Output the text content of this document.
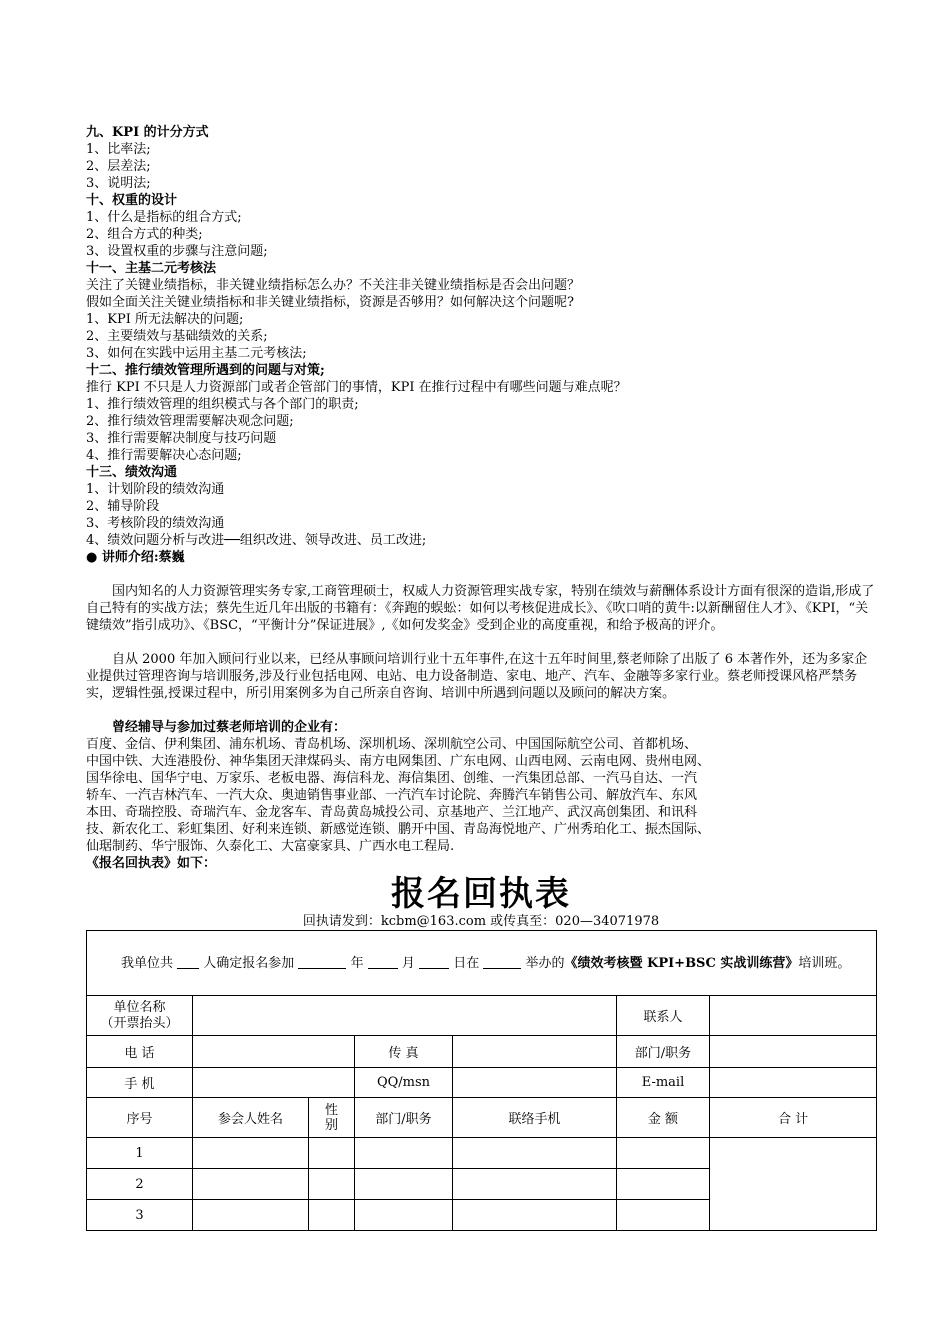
九、KPI 的计分方式
1、比率法;
2、层差法;
3、说明法;
十、权重的设计
1、什么是指标的组合方式;
2、组合方式的种类;
3、设置权重的步骤与注意问题;
十一、主基二元考核法
关注了关键业绩指标，非关键业绩指标怎么办？不关注非关键业绩指标是否会出问题？
假如全面关注关键业绩指标和非关键业绩指标，资源是否够用？如何解决这个问题呢?
1、KPI 所无法解决的问题;
2、主要绩效与基础绩效的关系;
3、如何在实践中运用主基二元考核法;
十二、推行绩效管理所遇到的问题与对策;
推行 KPI 不只是人力资源部门或者企管部门的事情，KPI 在推行过程中有哪些问题与难点呢？
1、推行绩效管理的组织模式与各个部门的职责;
2、推行绩效管理需要解决观念问题;
3、推行需要解决制度与技巧问题
4、推行需要解决心态问题;
十三、绩效沟通
1、计划阶段的绩效沟通
2、辅导阶段
3、考核阶段的绩效沟通
4、绩效问题分析与改进──组织改进、领导改进、员工改进;
● 讲师介绍:蔡巍

国内知名的人力资源管理实务专家,工商管理硕士，权威人力资源管理实战专家，特别在绩效与薪酬体系设计方面有很深的造诣,形成了自己特有的实战方法；蔡先生近几年出版的书籍有：《奔跑的蜈蚣：如何以考核促进成长》、《吹口哨的黄牛:以新酬留住人才》、《KPI，“关键绩效”指引成功》、《BSC，“平衡计分”保证进展》,《如何发奖金》受到企业的高度重视，和给予极高的评介。

自从 2000 年加入顾问行业以来，已经从事顾问培训行业十五年事件,在这十五年时间里,蔡老师除了出版了 6 本著作外，还为多家企业提供过管理咨询与培训服务,涉及行业包括电网、电站、电力设备制造、家电、地产、汽车、金融等多家行业。蔡老师授课风格严禁务实，逻辑性强,授课过程中，所引用案例多为自己所亲自咨询、培训中所遇到问题以及顾问的解决方案。

曾经辅导与参加过蔡老师培训的企业有：
百度、金信、伊利集团、浦东机场、青岛机场、深圳机场、深圳航空公司、中国国际航空公司、首都机场、
中国中铁、大连港股份、神华集团天津煤码头、南方电网集团、广东电网、山西电网、云南电网、贵州电网、
国华徐电、国华宁电、万家乐、老板电器、海信科龙、海信集团、创维、一汽集团总部、一汽马自达、一汽
轿车、一汽吉林汽车、一汽大众、奥迪销售事业部、一汽汽车讨论院、奔腾汽车销售公司、解放汽车、东风
本田、奇瑞控股、奇瑞汽车、金龙客车、青岛黄岛城投公司、京基地产、兰江地产、武汉高创集团、和讯科
技、新农化工、彩虹集团、好利来连锁、新感觉连锁、鹏开中国、青岛海悦地产、广州秀珀化工、振杰国际、
仙琚制药、华宁服饰、久泰化工、大富豪家具、广西水电工程局.
《报名回执表》如下：
报名回执表
回执请发到：kcbm@163.com 或传真至：020—34071978
我单位共 人确定报名参加 年 月 日在 举办的《绩效考核暨 KPI+BSC 实战训练营》培训班。						

单位名称
（开票抬头）					联系人	
电 话			传 真		部门/职务	
手 机			QQ/msn		E-mail	
序号	参会人姓名	性别	部门/职务	联络手机	金 额	合 计
1						
2						
3						
